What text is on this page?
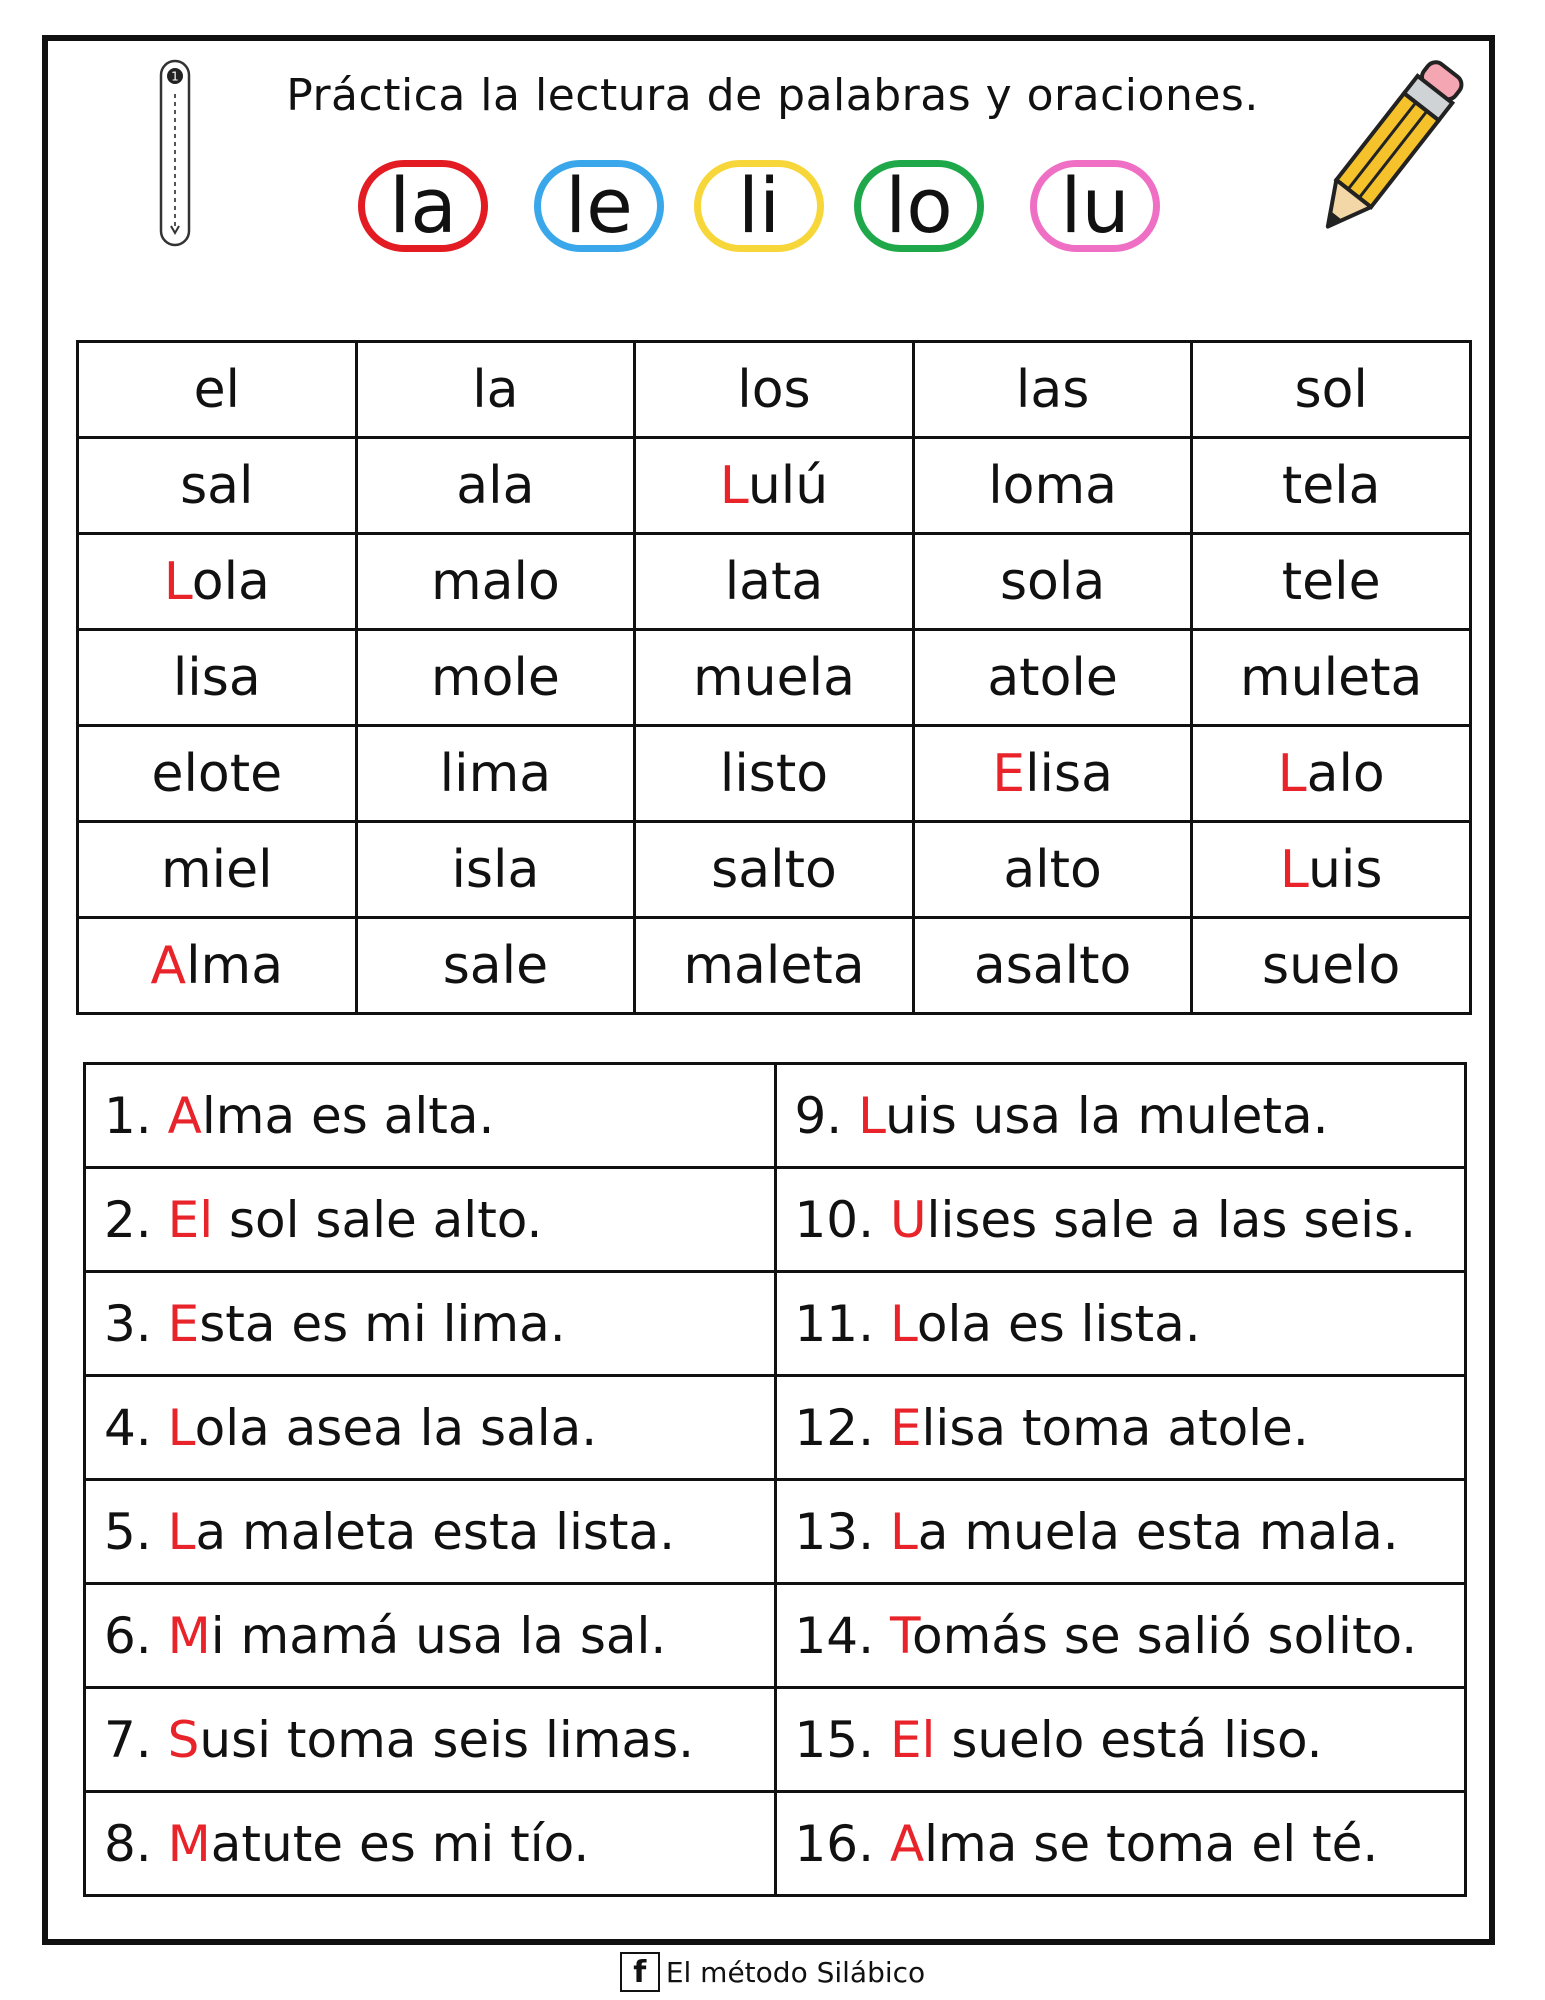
Práctica la lectura de palabras y oraciones.
1
la le li lo lu
el	la	los	las	sol
sal	ala	Lulú	loma	tela
Lola	malo	lata	sola	tele
lisa	mole	muela	atole	muleta
elote	lima	listo	Elisa	Lalo
miel	isla	salto	alto	Luis
Alma	sale	maleta	asalto	suelo
1. Alma es alta.	9. Luis usa la muleta.
2. El sol sale alto.	10. Ulises sale a las seis.
3. Esta es mi lima.	11. Lola es lista.
4. Lola asea la sala.	12. Elisa toma atole.
5. La maleta esta lista.	13. La muela esta mala.
6. Mi mamá usa la sal.	14. Tomás se salió solito.
7. Susi toma seis limas.	15. El suelo está liso.
8. Matute es mi tío.	16. Alma se toma el té.
f El método Silábico
